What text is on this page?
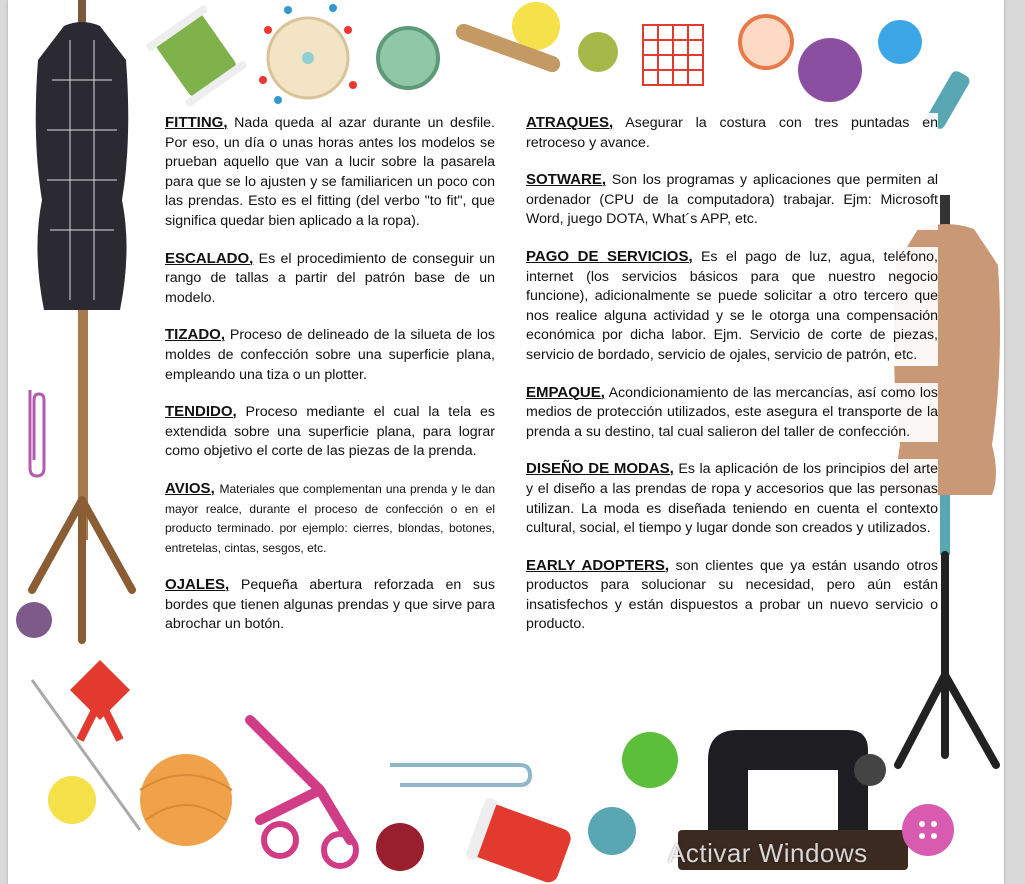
FITTING, Nada queda al azar durante un desfile. Por eso, un día o unas horas antes los modelos se prueban aquello que van a lucir sobre la pasarela para que se lo ajusten y se familiaricen un poco con las prendas. Esto es el fitting (del verbo "to fit", que significa quedar bien aplicado a la ropa).

ESCALADO, Es el procedimiento de conseguir un rango de tallas a partir del patrón base de un modelo.

TIZADO, Proceso de delineado de la silueta de los moldes de confección sobre una superficie plana, empleando una tiza o un plotter.

TENDIDO, Proceso mediante el cual la tela es extendida sobre una superficie plana, para lograr como objetivo el corte de las piezas de la prenda.

AVIOS, Materiales que complementan una prenda y le dan mayor realce, durante el proceso de confección o en el producto terminado. por ejemplo: cierres, blondas, botones, entretelas, cintas, sesgos, etc.

OJALES, Pequeña abertura reforzada en sus bordes que tienen algunas prendas y que sirve para abrochar un botón.

ATRAQUES, Asegurar la costura con tres puntadas en retroceso y avance.

SOTWARE, Son los programas y aplicaciones que permiten al ordenador (CPU de la computadora) trabajar. Ejm: Microsoft Word, juego DOTA, What´s APP, etc.

PAGO DE SERVICIOS, Es el pago de luz, agua, teléfono, internet (los servicios básicos para que nuestro negocio funcione), adicionalmente se puede solicitar a otro tercero que nos realice alguna actividad y se le otorga una compensación económica por dicha labor. Ejm. Servicio de corte de piezas, servicio de bordado, servicio de ojales, servicio de patrón, etc.

EMPAQUE, Acondicionamiento de las mercancías, así como los medios de protección utilizados, este asegura el transporte de la prenda a su destino, tal cual salieron del taller de confección.

DISEÑO DE MODAS, Es la aplicación de los principios del arte y el diseño a las prendas de ropa y accesorios que las personas utilizan. La moda es diseñada teniendo en cuenta el contexto cultural, social, el tiempo y lugar donde son creados y utilizados.

EARLY ADOPTERS, son clientes que ya están usando otros productos para solucionar su necesidad, pero aún están insatisfechos y están dispuestos a probar un nuevo servicio o producto.

Activar Windows
